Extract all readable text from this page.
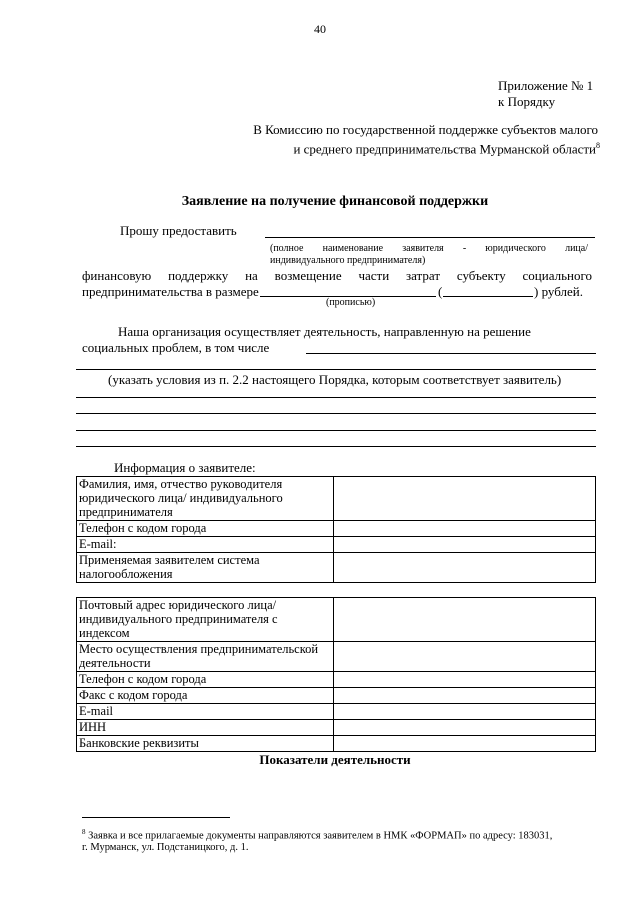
40
Приложение № 1
к Порядку
В Комиссию по государственной поддержке субъектов малого
и среднего предпринимательства Мурманской области$^8$
Заявление на получение финансовой поддержки
Прошу предоставить
(полное      наименование      заявителя      -      юридического      лица/
индивидуального предпринимателя)
финансовую поддержку на возмещение части затрат субъекту социального
предпринимательства в размере	(	) рублей.
(прописью)
Наша организация осуществляет деятельность, направленную на решение
социальных проблем, в том числе
(указать условия из п. 2.2 настоящего Порядка, которым соответствует заявитель)
Информация о заявителе:
Фамилия, имя, отчество руководителя юридического лица/ индивидуального предпринимателя	
Телефон с кодом города	
E-mail:	
Применяемая заявителем система налогообложения	
Почтовый адрес юридического лица/ индивидуального предпринимателя с индексом	
Место осуществления предпринимательской деятельности	
Телефон с кодом города	
Факс с кодом города	
E-mail	
ИНН	
Банковские реквизиты	
Показатели деятельности
$^8$ Заявка и все прилагаемые документы направляются заявителем в НМК «ФОРМАП» по адресу: 183031,
г. Мурманск, ул. Подстаницкого, д. 1.
